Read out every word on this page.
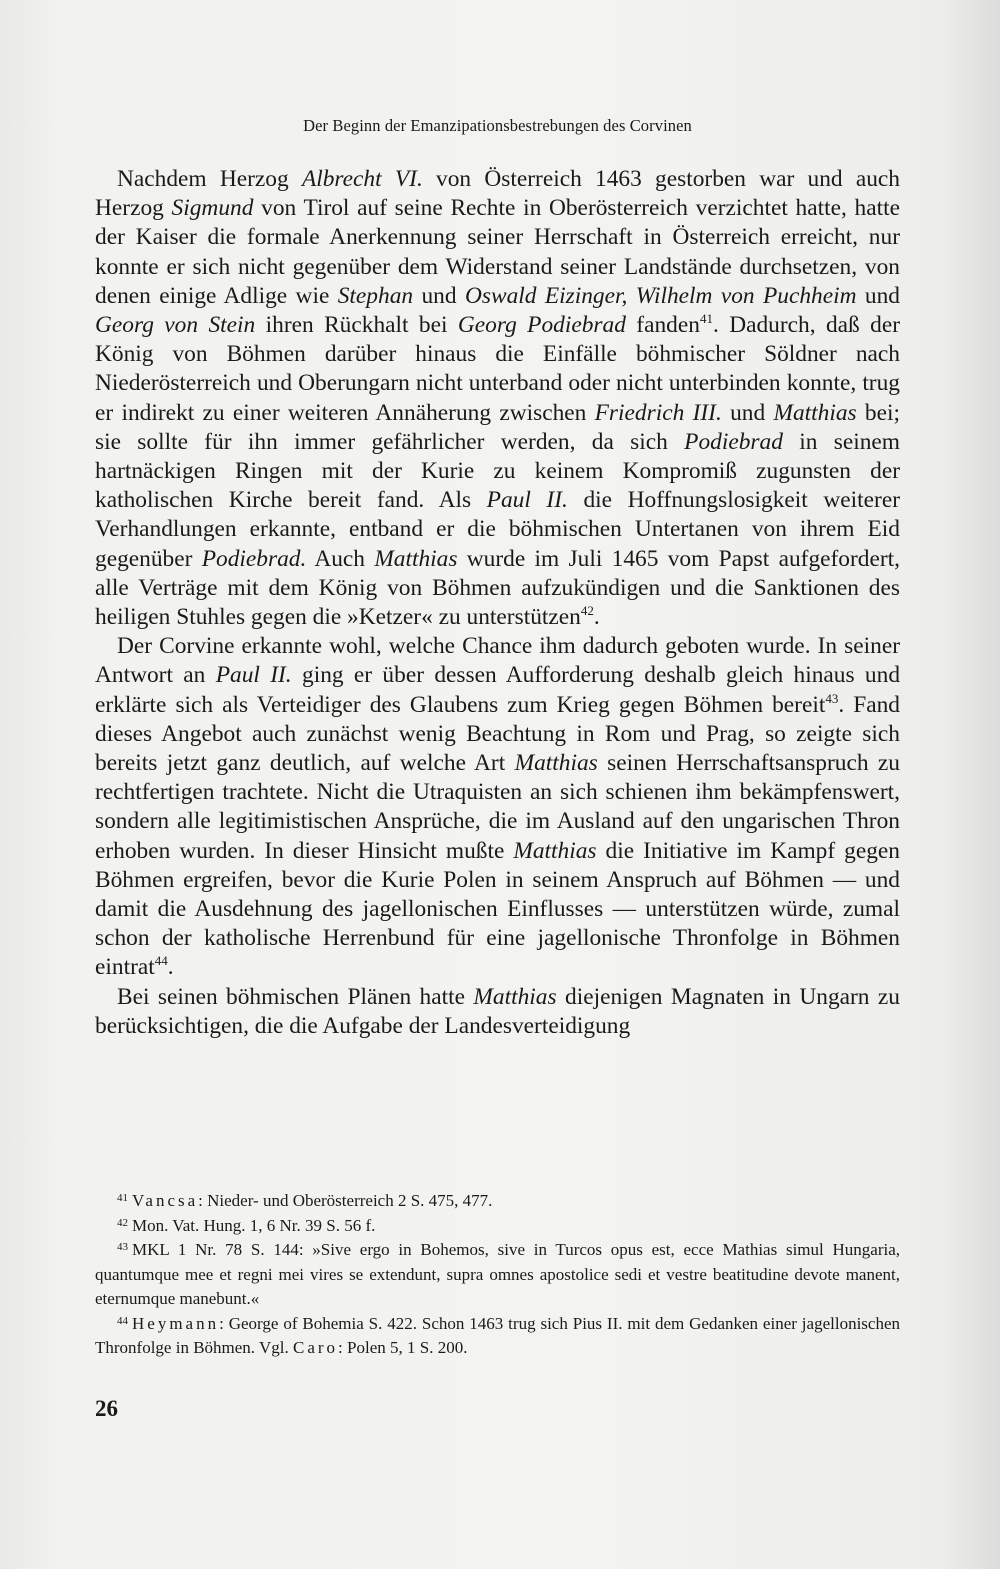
Der Beginn der Emanzipationsbestrebungen des Corvinen

Nachdem Herzog Albrecht VI. von Österreich 1463 gestorben war und auch Herzog Sigmund von Tirol auf seine Rechte in Oberösterreich verzichtet hatte, hatte der Kaiser die formale Anerkennung seiner Herrschaft in Österreich erreicht, nur konnte er sich nicht gegenüber dem Widerstand seiner Landstände durchsetzen, von denen einige Adlige wie Stephan und Oswald Eizinger, Wilhelm von Puchheim und Georg von Stein ihren Rückhalt bei Georg Podiebrad fanden$^{41}$. Dadurch, daß der König von Böhmen darüber hinaus die Einfälle böhmischer Söldner nach Niederösterreich und Oberungarn nicht unterband oder nicht unterbinden konnte, trug er indirekt zu einer weiteren Annäherung zwischen Friedrich III. und Matthias bei; sie sollte für ihn immer gefährlicher werden, da sich Podiebrad in seinem hartnäckigen Ringen mit der Kurie zu keinem Kompromiß zugunsten der katholischen Kirche bereit fand. Als Paul II. die Hoffnungslosigkeit weiterer Verhandlungen erkannte, entband er die böhmischen Untertanen von ihrem Eid gegenüber Podiebrad. Auch Matthias wurde im Juli 1465 vom Papst aufgefordert, alle Verträge mit dem König von Böhmen aufzukündigen und die Sanktionen des heiligen Stuhles gegen die »Ketzer« zu unterstützen$^{42}$.

Der Corvine erkannte wohl, welche Chance ihm dadurch geboten wurde. In seiner Antwort an Paul II. ging er über dessen Aufforderung deshalb gleich hinaus und erklärte sich als Verteidiger des Glaubens zum Krieg gegen Böhmen bereit$^{43}$. Fand dieses Angebot auch zunächst wenig Beachtung in Rom und Prag, so zeigte sich bereits jetzt ganz deutlich, auf welche Art Matthias seinen Herrschaftsanspruch zu rechtfertigen trachtete. Nicht die Utraquisten an sich schienen ihm bekämpfenswert, sondern alle legitimistischen Ansprüche, die im Ausland auf den ungarischen Thron erhoben wurden. In dieser Hinsicht mußte Matthias die Initiative im Kampf gegen Böhmen ergreifen, bevor die Kurie Polen in seinem Anspruch auf Böhmen — und damit die Ausdehnung des jagellonischen Einflusses — unterstützen würde, zumal schon der katholische Herrenbund für eine jagellonische Thronfolge in Böhmen eintrat$^{44}$.

Bei seinen böhmischen Plänen hatte Matthias diejenigen Magnaten in Ungarn zu berücksichtigen, die die Aufgabe der Landesverteidigung

$^{41}$ Vancsa: Nieder- und Oberösterreich 2 S. 475, 477.
$^{42}$ Mon. Vat. Hung. 1, 6 Nr. 39 S. 56 f.
$^{43}$ MKL 1 Nr. 78 S. 144: »Sive ergo in Bohemos, sive in Turcos opus est, ecce Mathias simul Hungaria, quantumque mee et regni mei vires se extendunt, supra omnes apostolice sedi et vestre beatitudine devote manent, eternumque manebunt.«
$^{44}$ Heymann: George of Bohemia S. 422. Schon 1463 trug sich Pius II. mit dem Gedanken einer jagellonischen Thronfolge in Böhmen. Vgl. Caro: Polen 5, 1 S. 200.
26
